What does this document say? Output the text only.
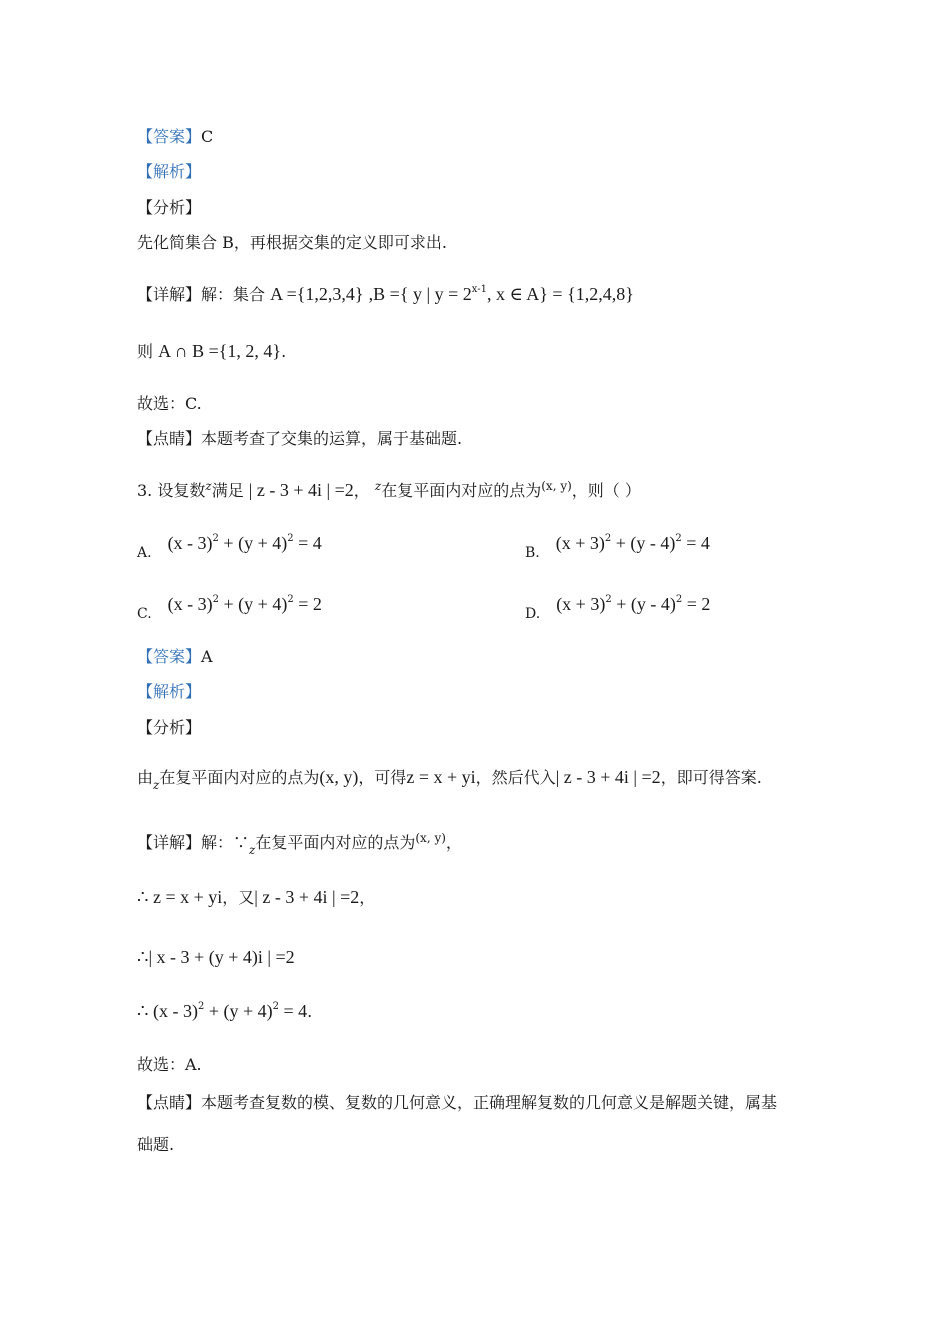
【答案】C
【解析】
【分析】
先化简集合 B，再根据交集的定义即可求出.
【详解】解：集合 A ={1,2,3,4} ,B ={ y | $y = 2^{x-1}$, x ∈ A} = {1,2,4,8}
则 A ∩ B ={1, 2, 4}.
故选：C.
【点睛】本题考查了交集的运算，属于基础题.
3. 设复数$^z$满足 | z - 3 + 4i | =2， $^z$在复平面内对应的点为$^{(x, y)}$，则（ ）
A. $(x - 3)^2 + (y + 4)^2 = 4$	B. $(x + 3)^2 + (y - 4)^2 = 4$
C. $(x - 3)^2 + (y + 4)^2 = 2$	D. $(x + 3)^2 + (y - 4)^2 = 2$
【答案】A
【解析】
【分析】
由$_z$在复平面内对应的点为(x, y)，可得z = x + yi，然后代入| z - 3 + 4i | =2，即可得答案.
【详解】解：$\because_z$在复平面内对应的点为$^{(x, y)}$，
∴ z = x + yi，又| z - 3 + 4i | =2，
∴| x - 3 + (y + 4)i | =2
∴ $(x - 3)^2 + (y + 4)^2 = 4$.
故选：A.
【点睛】本题考查复数的模、复数的几何意义，正确理解复数的几何意义是解题关键，属基
础题.
